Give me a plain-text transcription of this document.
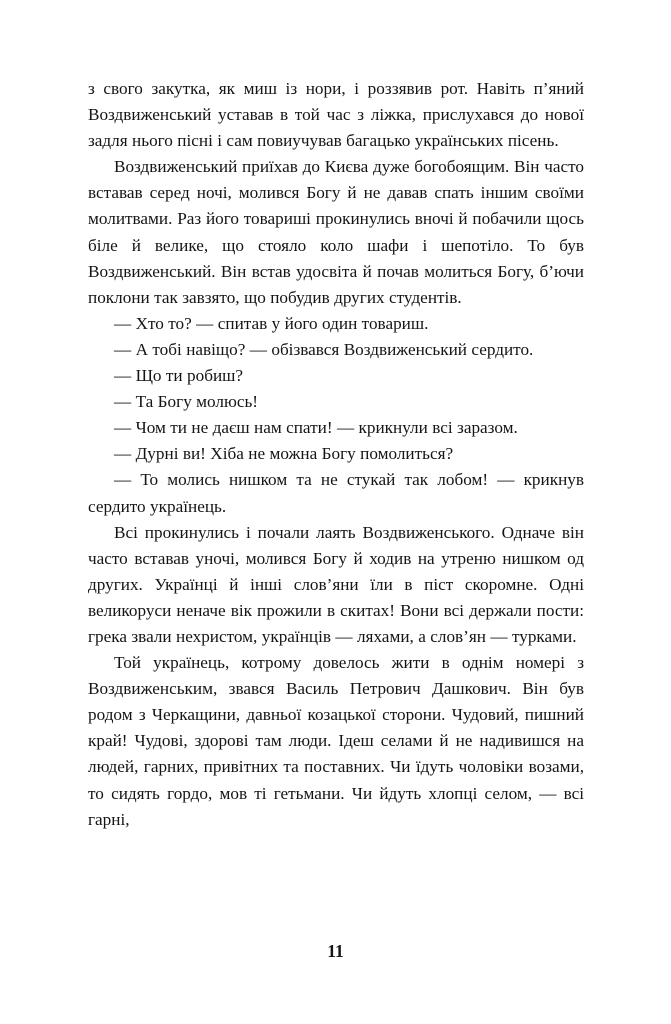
з свого закутка, як миш із нори, і роззявив рот. Навіть п’яний Воздвиженський уставав в той час з ліжка, прислухався до нової задля нього пісні і сам повиучував багацько українських пісень.

Воздвиженський приїхав до Києва дуже богобоящим. Він часто вставав серед ночі, молився Богу й не давав спать іншим своїми молитвами. Раз його товариші прокинулись вночі й побачили щось біле й велике, що стояло коло шафи і шепотіло. То був Воздвиженський. Він встав удосвіта й почав молиться Богу, б’ючи поклони так завзято, що побудив других студентів.

— Хто то? — спитав у його один товариш.

— А тобі навіщо? — обізвався Воздвиженський сердито.

— Що ти робиш?

— Та Богу молюсь!

— Чом ти не даєш нам спати! — крикнули всі заразом.

— Дурні ви! Хіба не можна Богу помолиться?

— То молись нишком та не стукай так лобом! — крикнув сердито українець.

Всі прокинулись і почали лаять Воздвиженського. Одначе він часто вставав уночі, молився Богу й ходив на утреню нишком од других. Українці й інші слов’яни їли в піст скоромне. Одні великоруси неначе вік прожили в скитах! Вони всі держали пости: грека звали нехристом, українців — ляхами, а слов’ян — турками.

Той українець, котрому довелось жити в однім номері з Воздвиженським, звався Василь Петрович Дашкович. Він був родом з Черкащини, давньої козацької сторони. Чудовий, пишний край! Чудові, здорові там люди. Ідеш селами й не надивишся на людей, гарних, привітних та поставних. Чи їдуть чоловіки возами, то сидять гордо, мов ті гетьмани. Чи йдуть хлопці селом, — всі гарні,

11
